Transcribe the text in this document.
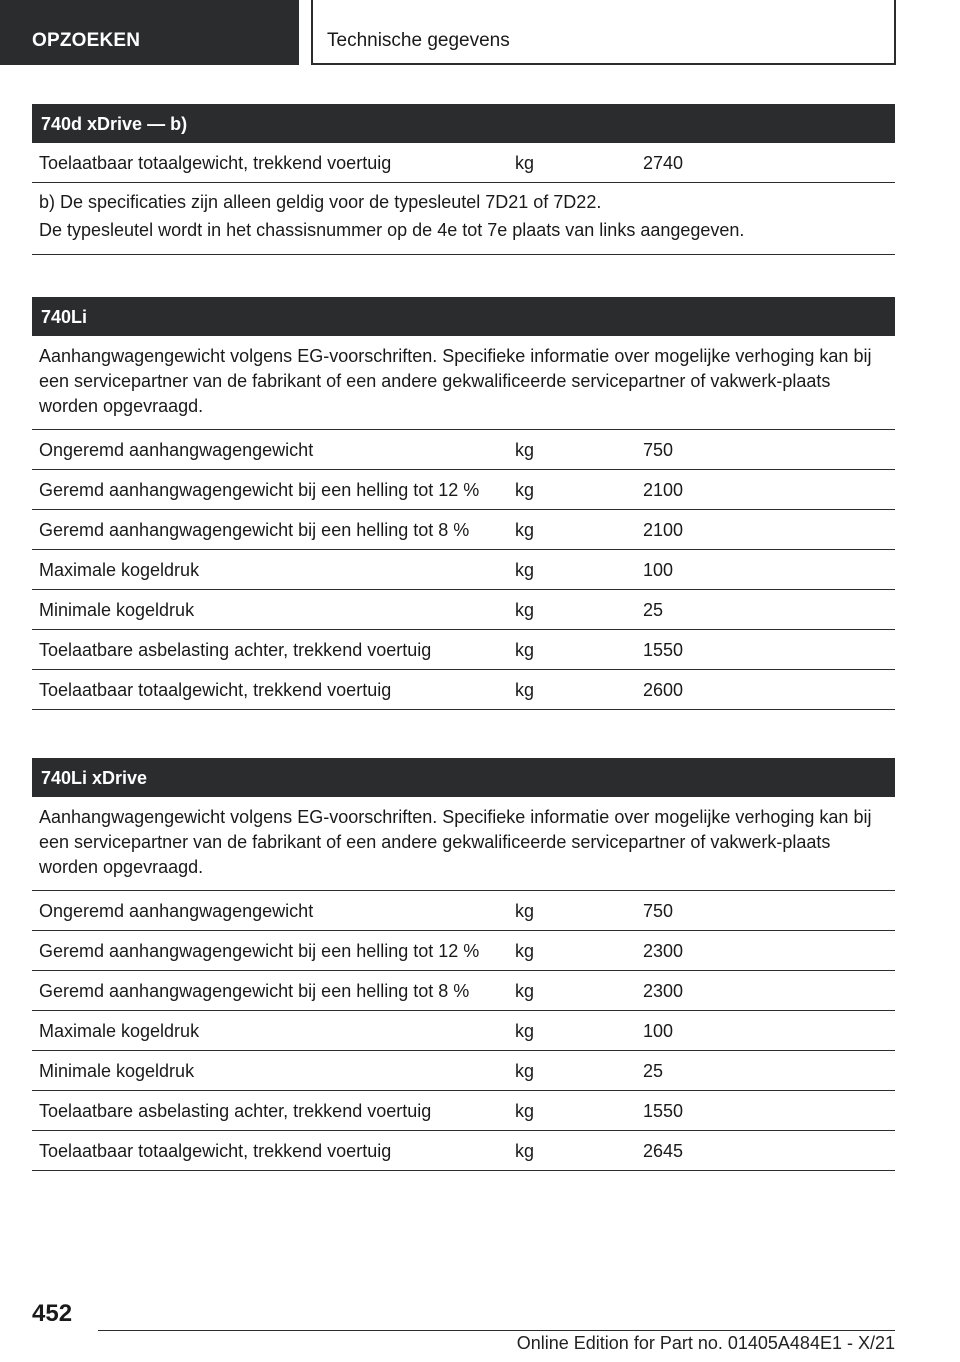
OPZOEKEN	Technische gegevens
740d xDrive — b)
Toelaatbaar totaalgewicht, trekkend voertuig	kg	2740
b) De specificaties zijn alleen geldig voor de typesleutel 7D21 of 7D22.
De typesleutel wordt in het chassisnummer op de 4e tot 7e plaats van links aangegeven.
740Li
Aanhangwagengewicht volgens EG-voorschriften. Specifieke informatie over mogelijke verhoging kan bij een servicepartner van de fabrikant of een andere gekwalificeerde servicepartner of vakwerk-plaats worden opgevraagd.
Ongeremd aanhangwagengewicht	kg	750
Geremd aanhangwagengewicht bij een helling tot 12 %	kg	2100
Geremd aanhangwagengewicht bij een helling tot 8 %	kg	2100
Maximale kogeldruk	kg	100
Minimale kogeldruk	kg	25
Toelaatbare asbelasting achter, trekkend voertuig	kg	1550
Toelaatbaar totaalgewicht, trekkend voertuig	kg	2600
740Li xDrive
Aanhangwagengewicht volgens EG-voorschriften. Specifieke informatie over mogelijke verhoging kan bij een servicepartner van de fabrikant of een andere gekwalificeerde servicepartner of vakwerk-plaats worden opgevraagd.
Ongeremd aanhangwagengewicht	kg	750
Geremd aanhangwagengewicht bij een helling tot 12 %	kg	2300
Geremd aanhangwagengewicht bij een helling tot 8 %	kg	2300
Maximale kogeldruk	kg	100
Minimale kogeldruk	kg	25
Toelaatbare asbelasting achter, trekkend voertuig	kg	1550
Toelaatbaar totaalgewicht, trekkend voertuig	kg	2645
452
Online Edition for Part no. 01405A484E1 - X/21
